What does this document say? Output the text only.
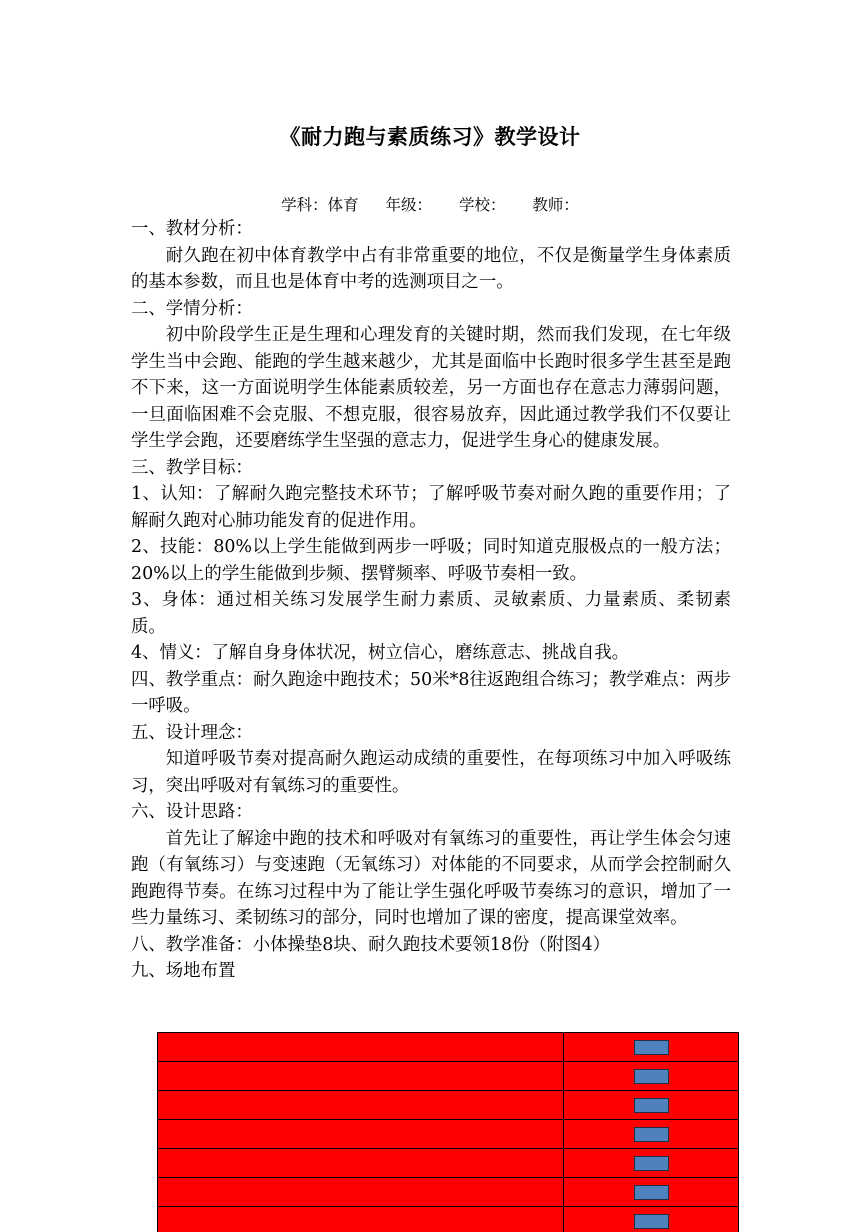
《耐力跑与素质练习》教学设计
学科：体育 年级： 学校： 教师：

一、教材分析：

耐久跑在初中体育教学中占有非常重要的地位，不仅是衡量学生身体素质的基本参数，而且也是体育中考的选测项目之一。

二、学情分析：

初中阶段学生正是生理和心理发育的关键时期，然而我们发现，在七年级学生当中会跑、能跑的学生越来越少，尤其是面临中长跑时很多学生甚至是跑不下来，这一方面说明学生体能素质较差，另一方面也存在意志力薄弱问题，一旦面临困难不会克服、不想克服，很容易放弃，因此通过教学我们不仅要让学生学会跑，还要磨练学生坚强的意志力，促进学生身心的健康发展。

三、教学目标：

1、认知：了解耐久跑完整技术环节；了解呼吸节奏对耐久跑的重要作用；了解耐久跑对心肺功能发育的促进作用。

2、技能：80%以上学生能做到两步一呼吸；同时知道克服极点的一般方法；20%以上的学生能做到步频、摆臂频率、呼吸节奏相一致。

3、身体：通过相关练习发展学生耐力素质、灵敏素质、力量素质、柔韧素质。

4、情义：了解自身身体状况，树立信心，磨练意志、挑战自我。

四、教学重点：耐久跑途中跑技术；50米*8往返跑组合练习；教学难点：两步一呼吸。

五、设计理念：

知道呼吸节奏对提高耐久跑运动成绩的重要性，在每项练习中加入呼吸练习，突出呼吸对有氧练习的重要性。

六、设计思路：

首先让了解途中跑的技术和呼吸对有氧练习的重要性，再让学生体会匀速跑（有氧练习）与变速跑（无氧练习）对体能的不同要求，从而学会控制耐久跑跑得节奏。在练习过程中为了能让学生强化呼吸节奏练习的意识，增加了一些力量练习、柔韧练习的部分，同时也增加了课的密度，提高课堂效率。

八、教学准备：小体操垫8块、耐久跑技术要领18份（附图4）

九、场地布置
